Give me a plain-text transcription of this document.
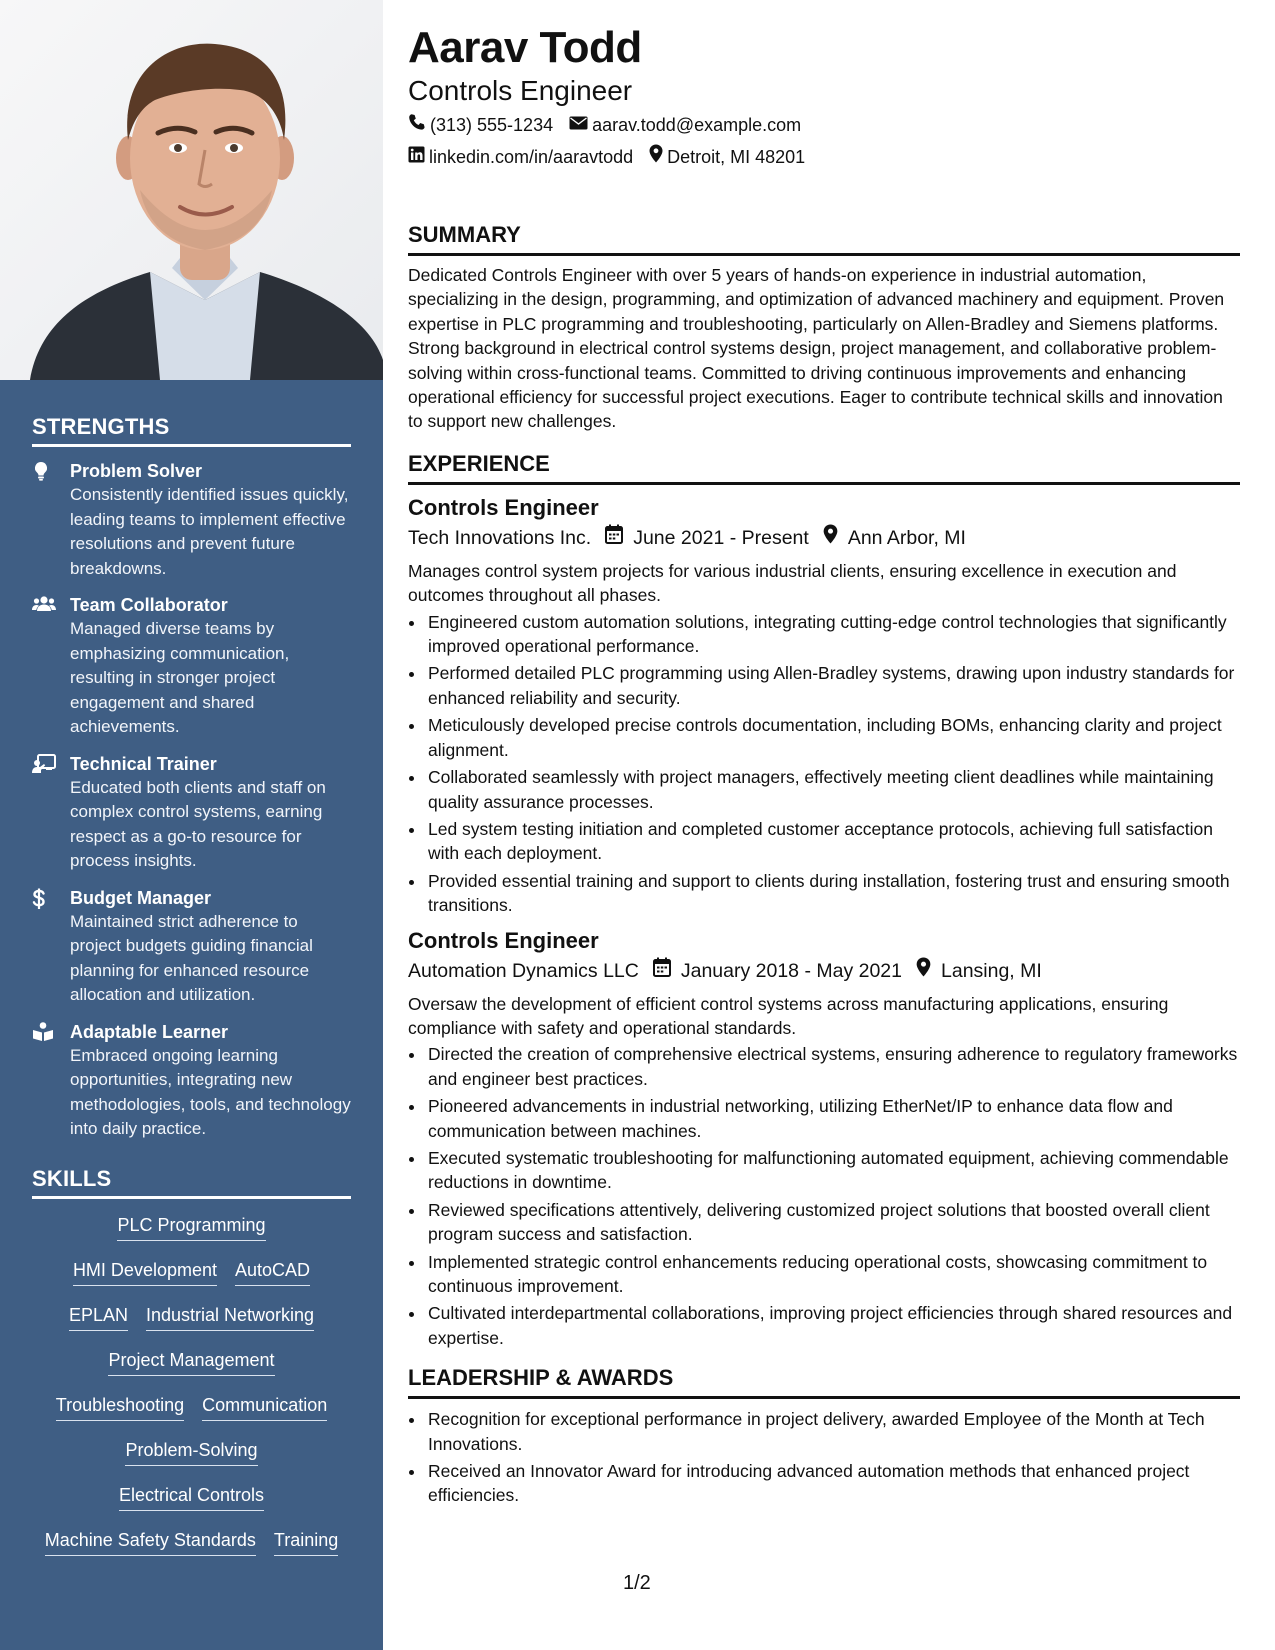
STRENGTHS
Problem Solver
Consistently identified issues quickly, leading teams to implement effective resolutions and prevent future breakdowns.
Team Collaborator
Managed diverse teams by emphasizing communication, resulting in stronger project engagement and shared achievements.
Technical Trainer
Educated both clients and staff on complex control systems, earning respect as a go-to resource for process insights.
Budget Manager
Maintained strict adherence to project budgets guiding financial planning for enhanced resource allocation and utilization.
Adaptable Learner
Embraced ongoing learning opportunities, integrating new methodologies, tools, and technology into daily practice.
SKILLS
PLC Programming
HMI Development AutoCAD
EPLAN Industrial Networking
Project Management
Troubleshooting Communication
Problem-Solving
Electrical Controls
Machine Safety Standards Training
Aarav Todd
Controls Engineer
(313) 555-1234 aarav.todd@example.com
linkedin.com/in/aaravtodd Detroit, MI 48201
SUMMARY
Dedicated Controls Engineer with over 5 years of hands-on experience in industrial automation, specializing in the design, programming, and optimization of advanced machinery and equipment. Proven expertise in PLC programming and troubleshooting, particularly on Allen-Bradley and Siemens platforms. Strong background in electrical control systems design, project management, and collaborative problem-solving within cross-functional teams. Committed to driving continuous improvements and enhancing operational efficiency for successful project executions. Eager to contribute technical skills and innovation to support new challenges.
EXPERIENCE
Controls Engineer
Tech Innovations Inc. June 2021 - Present Ann Arbor, MI
Manages control system projects for various industrial clients, ensuring excellence in execution and outcomes throughout all phases.
• Engineered custom automation solutions, integrating cutting-edge control technologies that significantly improved operational performance.
• Performed detailed PLC programming using Allen-Bradley systems, drawing upon industry standards for enhanced reliability and security.
• Meticulously developed precise controls documentation, including BOMs, enhancing clarity and project alignment.
• Collaborated seamlessly with project managers, effectively meeting client deadlines while maintaining quality assurance processes.
• Led system testing initiation and completed customer acceptance protocols, achieving full satisfaction with each deployment.
• Provided essential training and support to clients during installation, fostering trust and ensuring smooth transitions.
Controls Engineer
Automation Dynamics LLC January 2018 - May 2021 Lansing, MI
Oversaw the development of efficient control systems across manufacturing applications, ensuring compliance with safety and operational standards.
• Directed the creation of comprehensive electrical systems, ensuring adherence to regulatory frameworks and engineer best practices.
• Pioneered advancements in industrial networking, utilizing EtherNet/IP to enhance data flow and communication between machines.
• Executed systematic troubleshooting for malfunctioning automated equipment, achieving commendable reductions in downtime.
• Reviewed specifications attentively, delivering customized project solutions that boosted overall client program success and satisfaction.
• Implemented strategic control enhancements reducing operational costs, showcasing commitment to continuous improvement.
• Cultivated interdepartmental collaborations, improving project efficiencies through shared resources and expertise.
LEADERSHIP & AWARDS
• Recognition for exceptional performance in project delivery, awarded Employee of the Month at Tech Innovations.
• Received an Innovator Award for introducing advanced automation methods that enhanced project efficiencies.
1/2
